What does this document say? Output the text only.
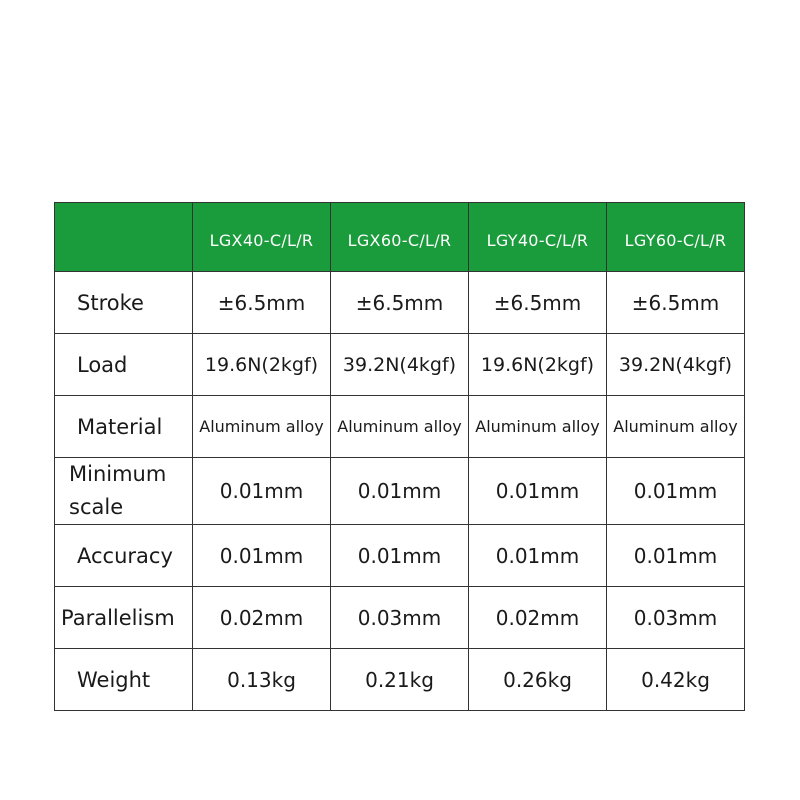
	LGX40-C/L/R	LGX60-C/L/R	LGY40-C/L/R	LGY60-C/L/R
Stroke	±6.5mm	±6.5mm	±6.5mm	±6.5mm
Load	19.6N(2kgf)	39.2N(4kgf)	19.6N(2kgf)	39.2N(4kgf)
Material	Aluminum alloy	Aluminum alloy	Aluminum alloy	Aluminum alloy
Minimum scale	0.01mm	0.01mm	0.01mm	0.01mm
Accuracy	0.01mm	0.01mm	0.01mm	0.01mm
Parallelism	0.02mm	0.03mm	0.02mm	0.03mm
Weight	0.13kg	0.21kg	0.26kg	0.42kg
